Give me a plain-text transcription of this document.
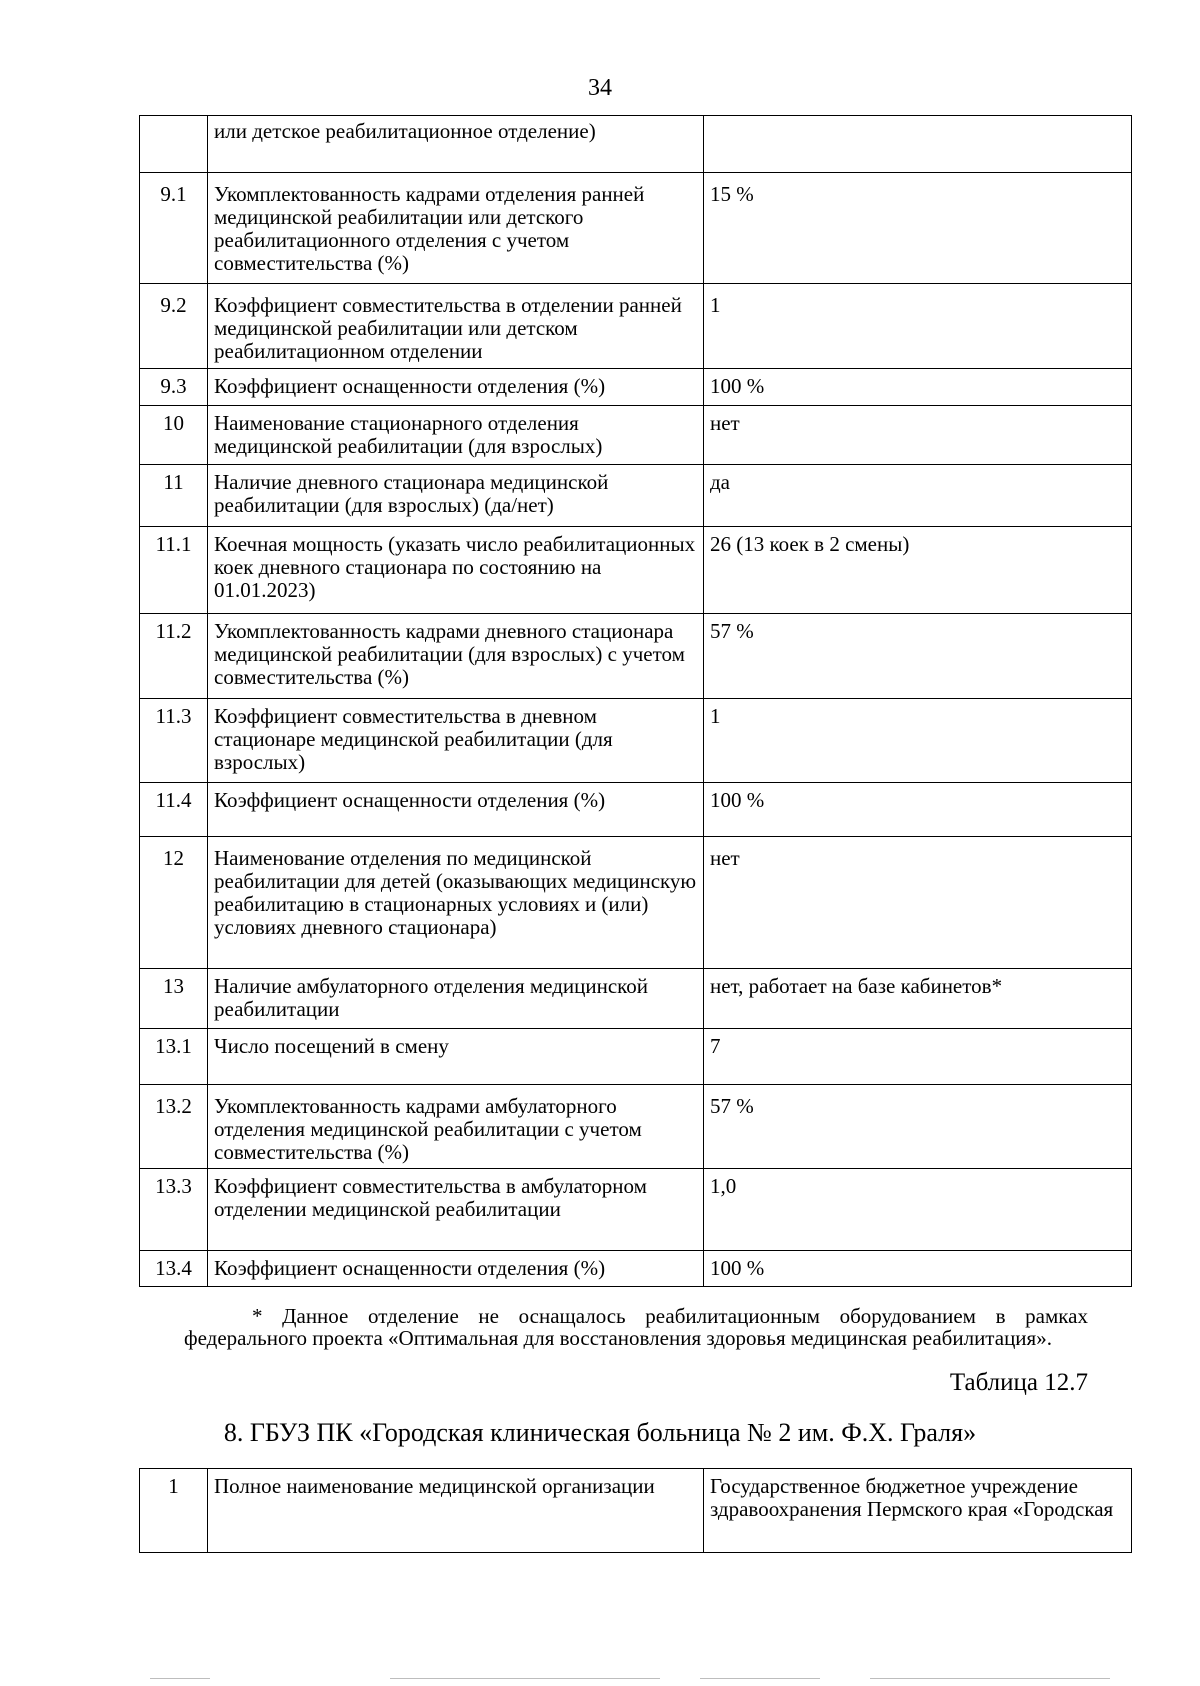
34
	или детское реабилитационное отделение)	
9.1	Укомплектованность кадрами отделения ранней медицинской реабилитации или детского реабилитационного отделения с учетом совместительства (%)	15 %
9.2	Коэффициент совместительства в отделении ранней медицинской реабилитации или детском реабилитационном отделении	1
9.3	Коэффициент оснащенности отделения (%)	100 %
10	Наименование стационарного отделения медицинской реабилитации (для взрослых)	нет
11	Наличие дневного стационара медицинской реабилитации (для взрослых) (да/нет)	да
11.1	Коечная мощность (указать число реабилитационных коек дневного стационара по состоянию на 01.01.2023)	26 (13 коек в 2 смены)
11.2	Укомплектованность кадрами дневного стационара медицинской реабилитации (для взрослых) с учетом совместительства (%)	57 %
11.3	Коэффициент совместительства в дневном стационаре медицинской реабилитации (для взрослых)	1
11.4	Коэффициент оснащенности отделения (%)	100 %
12	Наименование отделения по медицинской реабилитации для детей (оказывающих медицинскую реабилитацию в стационарных условиях и (или) условиях дневного стационара)	нет
13	Наличие амбулаторного отделения медицинской реабилитации	нет, работает на базе кабинетов*
13.1	Число посещений в смену	7
13.2	Укомплектованность кадрами амбулаторного отделения медицинской реабилитации с учетом совместительства (%)	57 %
13.3	Коэффициент совместительства в амбулаторном отделении медицинской реабилитации	1,0
13.4	Коэффициент оснащенности отделения (%)	100 %
* Данное отделение не оснащалось реабилитационным оборудованием в рамках федерального проекта «Оптимальная для восстановления здоровья медицинская реабилитация».
Таблица 12.7
8. ГБУЗ ПК «Городская клиническая больница № 2 им. Ф.Х. Граля»
1	Полное наименование медицинской организации	Государственное бюджетное учреждение здравоохранения Пермского края «Городская
